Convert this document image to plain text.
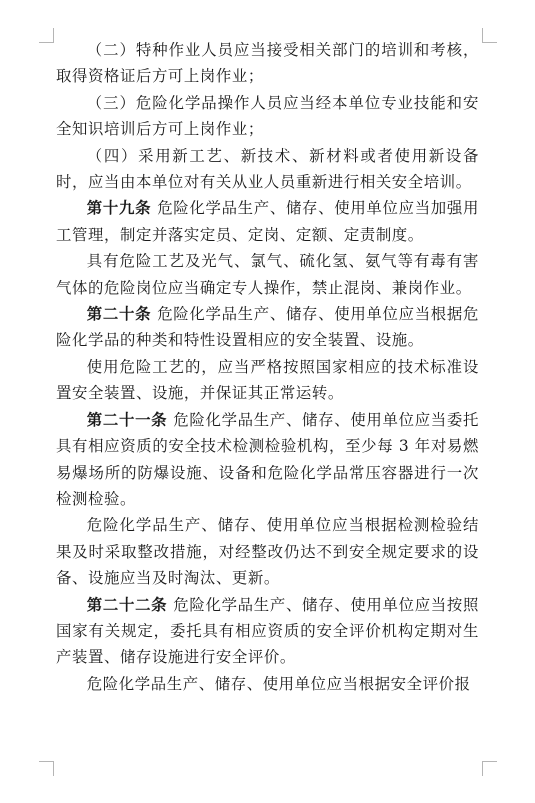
（二）特种作业人员应当接受相关部门的培训和考核，取得资格证后方可上岗作业；

（三）危险化学品操作人员应当经本单位专业技能和安全知识培训后方可上岗作业；

（四）采用新工艺、新技术、新材料或者使用新设备时，应当由本单位对有关从业人员重新进行相关安全培训。

第十九条 危险化学品生产、储存、使用单位应当加强用工管理，制定并落实定员、定岗、定额、定责制度。

具有危险工艺及光气、氯气、硫化氢、氨气等有毒有害气体的危险岗位应当确定专人操作，禁止混岗、兼岗作业。

第二十条 危险化学品生产、储存、使用单位应当根据危险化学品的种类和特性设置相应的安全装置、设施。

使用危险工艺的，应当严格按照国家相应的技术标准设置安全装置、设施，并保证其正常运转。

第二十一条 危险化学品生产、储存、使用单位应当委托具有相应资质的安全技术检测检验机构，至少每 3 年对易燃易爆场所的防爆设施、设备和危险化学品常压容器进行一次检测检验。

危险化学品生产、储存、使用单位应当根据检测检验结果及时采取整改措施，对经整改仍达不到安全规定要求的设备、设施应当及时淘汰、更新。

第二十二条 危险化学品生产、储存、使用单位应当按照国家有关规定，委托具有相应资质的安全评价机构定期对生产装置、储存设施进行安全评价。

危险化学品生产、储存、使用单位应当根据安全评价报
